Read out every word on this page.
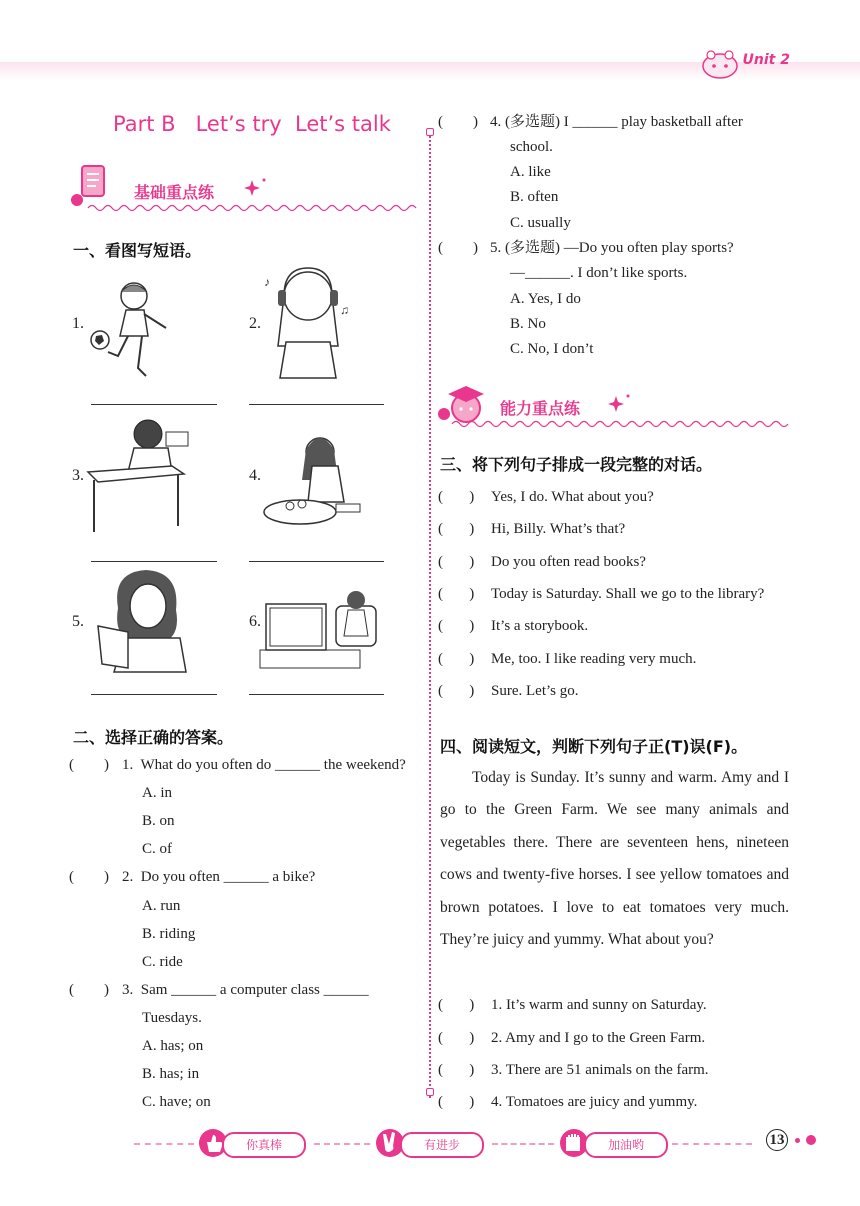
Unit 2
Part B   Let’s try  Let’s talk
基础重点练
一、看图写短语。
1.	2.
♪
♫
3.	4.
5.	6.
二、选择正确的答案。
(        ) 1.  What do you often do ______ the weekend?
A. in
B. on
C. of
(        ) 2.  Do you often ______ a bike?
A. run
B. riding
C. ride
(        ) 3.  Sam ______ a computer class ______
Tuesdays.
A. has; on
B. has; in
C. have; on
(        ) 4. (多选题) I ______ play basketball after
school.
A. like
B. often
C. usually
(        ) 5. (多选题) —Do you often play sports?
—______. I don’t like sports.
A. Yes, I do
B. No
C. No, I don’t
能力重点练
三、将下列句子排成一段完整的对话。
(       ) Yes, I do. What about you?
(       ) Hi, Billy. What’s that?
(       ) Do you often read books?
(       ) Today is Saturday. Shall we go to the library?
(       ) It’s a storybook.
(       ) Me, too. I like reading very much.
(       ) Sure. Let’s go.
四、阅读短文，判断下列句子正(T)误(F)。
Today is Sunday. It’s sunny and warm. Amy and I go to the Green Farm. We see many animals and vegetables there. There are seventeen hens, nineteen cows and twenty-five horses. I see yellow tomatoes and brown potatoes. I love to eat tomatoes very much. They’re juicy and yummy. What about you?
(       ) 1. It’s warm and sunny on Saturday.
(       ) 2. Amy and I go to the Green Farm.
(       ) 3. There are 51 animals on the farm.
(       ) 4. Tomatoes are juicy and yummy.
你真棒	有进步	加油哟	13
